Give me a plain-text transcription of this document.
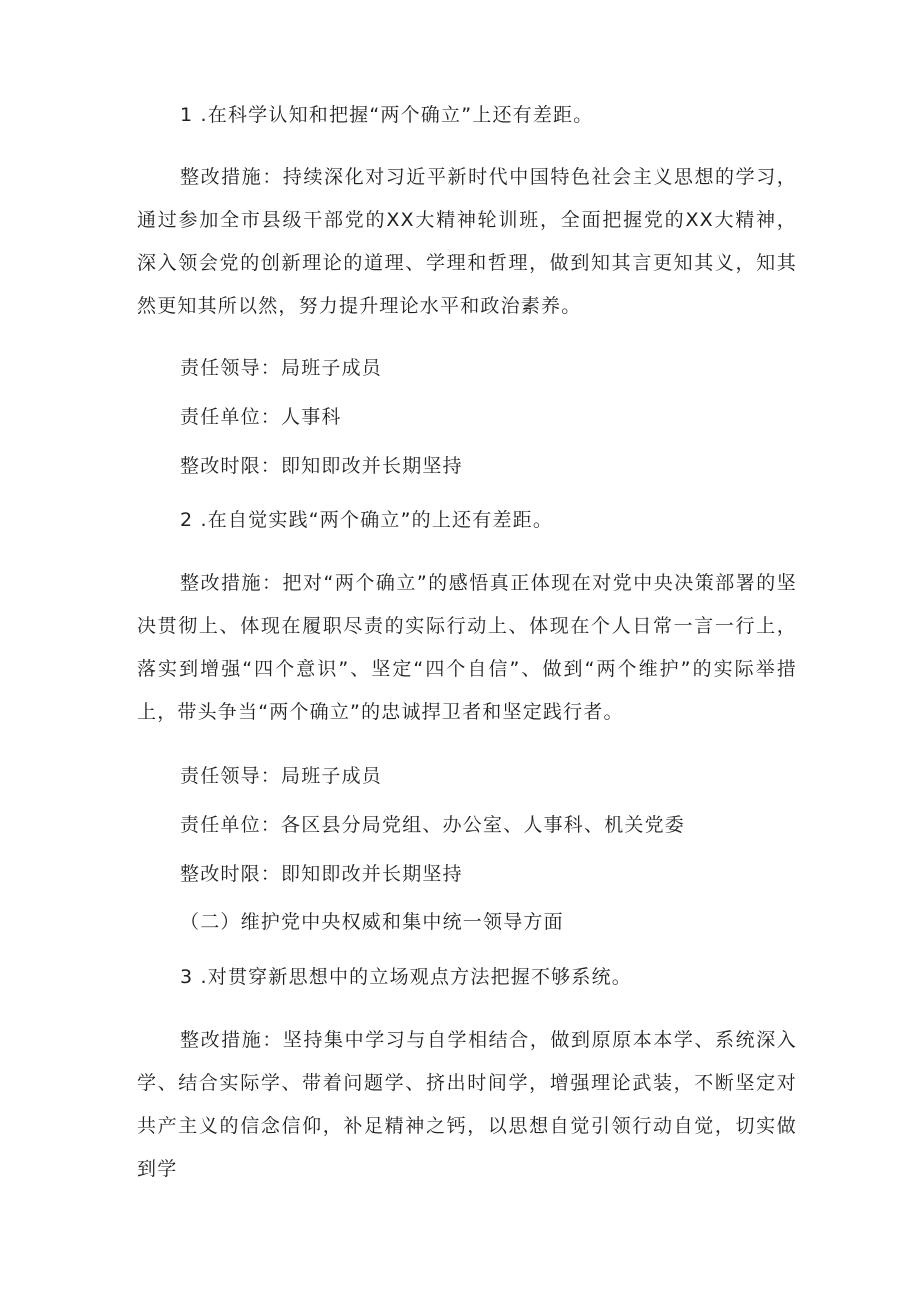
1 .在科学认知和把握“两个确立”上还有差距。
整改措施：持续深化对习近平新时代中国特色社会主义思想的学习，通过参加全市县级干部党的XX大精神轮训班，全面把握党的XX大精神，深入领会党的创新理论的道理、学理和哲理，做到知其言更知其义，知其然更知其所以然，努力提升理论水平和政治素养。
责任领导：局班子成员
责任单位：人事科
整改时限：即知即改并长期坚持
2 .在自觉实践“两个确立”的上还有差距。
整改措施：把对“两个确立”的感悟真正体现在对党中央决策部署的坚决贯彻上、体现在履职尽责的实际行动上、体现在个人日常一言一行上，落实到增强“四个意识”、坚定“四个自信”、做到“两个维护”的实际举措上，带头争当“两个确立”的忠诚捍卫者和坚定践行者。
责任领导：局班子成员
责任单位：各区县分局党组、办公室、人事科、机关党委
整改时限：即知即改并长期坚持
（二）维护党中央权威和集中统一领导方面
3 .对贯穿新思想中的立场观点方法把握不够系统。
整改措施：坚持集中学习与自学相结合，做到原原本本学、系统深入学、结合实际学、带着问题学、挤出时间学，增强理论武装，不断坚定对共产主义的信念信仰，补足精神之钙，以思想自觉引领行动自觉，切实做到学
